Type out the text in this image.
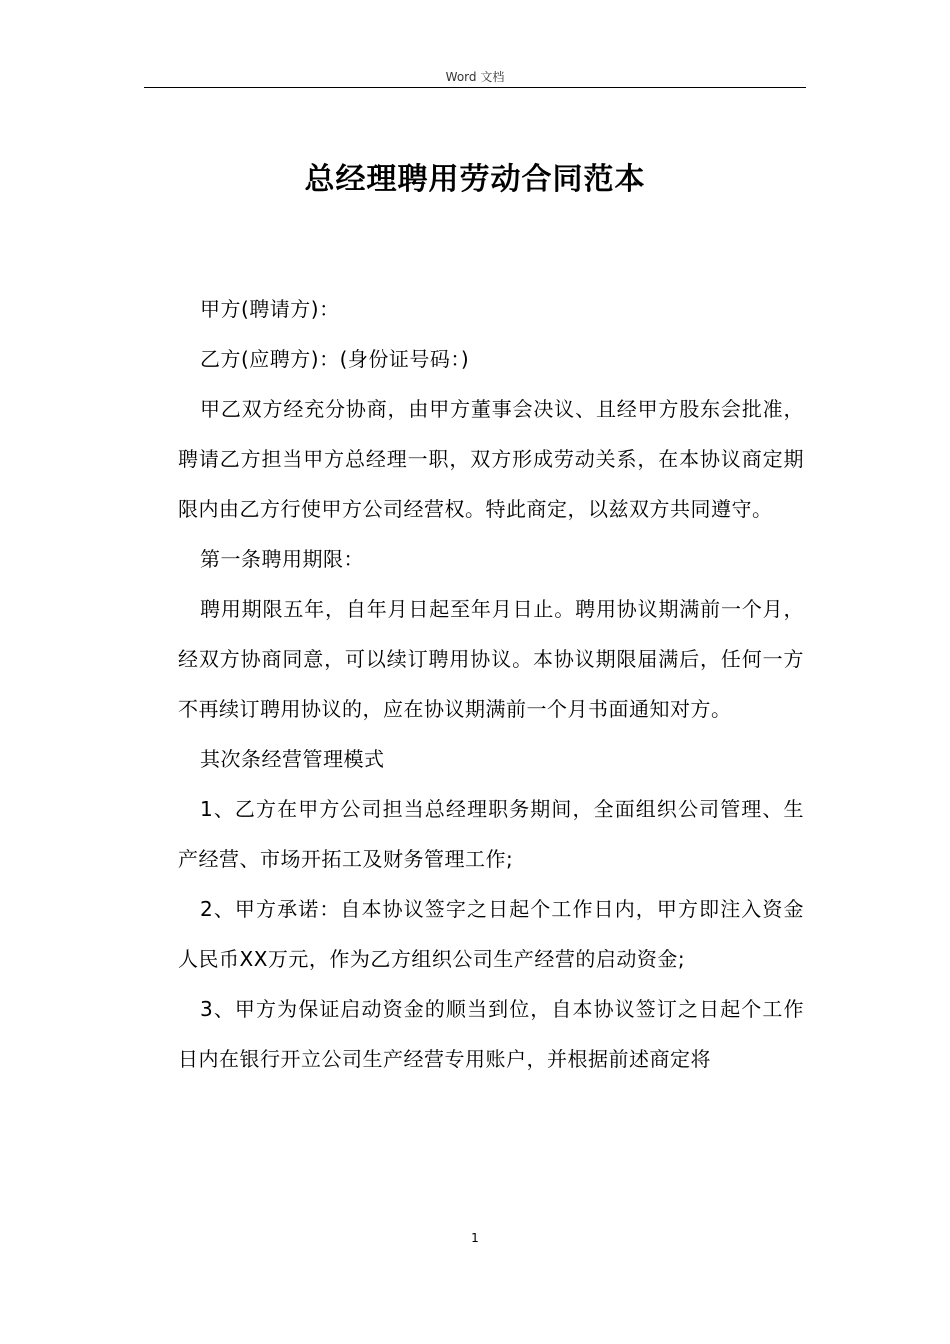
Word 文档
总经理聘用劳动合同范本

甲方(聘请方)：

乙方(应聘方)：(身份证号码：)

甲乙双方经充分协商，由甲方董事会决议、且经甲方股东会批准，聘请乙方担当甲方总经理一职，双方形成劳动关系，在本协议商定期限内由乙方行使甲方公司经营权。特此商定，以兹双方共同遵守。

第一条聘用期限：

聘用期限五年，自年月日起至年月日止。聘用协议期满前一个月，经双方协商同意，可以续订聘用协议。本协议期限届满后，任何一方不再续订聘用协议的，应在协议期满前一个月书面通知对方。

其次条经营管理模式

1、乙方在甲方公司担当总经理职务期间，全面组织公司管理、生产经营、市场开拓工及财务管理工作;

2、甲方承诺：自本协议签字之日起个工作日内，甲方即注入资金人民币XX万元，作为乙方组织公司生产经营的启动资金;

3、甲方为保证启动资金的顺当到位，自本协议签订之日起个工作日内在银行开立公司生产经营专用账户，并根据前述商定将

1
